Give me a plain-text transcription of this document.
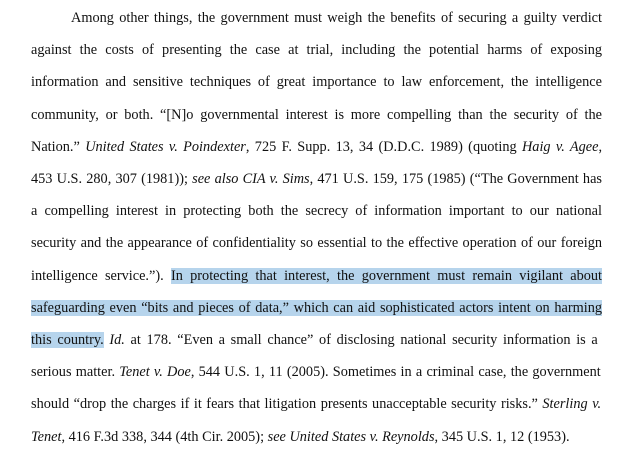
Among other things, the government must weigh the benefits of securing a guilty verdict
against the costs of presenting the case at trial, including the potential harms of exposing
information and sensitive techniques of great importance to law enforcement, the intelligence
community, or both. “[N]o governmental interest is more compelling than the security of the
Nation.” United States v. Poindexter, 725 F. Supp. 13, 34 (D.D.C. 1989) (quoting Haig v. Agee,
453 U.S. 280, 307 (1981)); see also CIA v. Sims, 471 U.S. 159, 175 (1985) (“The Government has
a compelling interest in protecting both the secrecy of information important to our national
security and the appearance of confidentiality so essential to the effective operation of our foreign
intelligence service.”). In protecting that interest, the government must remain vigilant about
safeguarding even “bits and pieces of data,” which can aid sophisticated actors intent on harming
this country. Id. at 178. “Even a small chance” of disclosing national security information is a
serious matter. Tenet v. Doe, 544 U.S. 1, 11 (2005). Sometimes in a criminal case, the government
should “drop the charges if it fears that litigation presents unacceptable security risks.” Sterling v.
Tenet, 416 F.3d 338, 344 (4th Cir. 2005); see United States v. Reynolds, 345 U.S. 1, 12 (1953).
